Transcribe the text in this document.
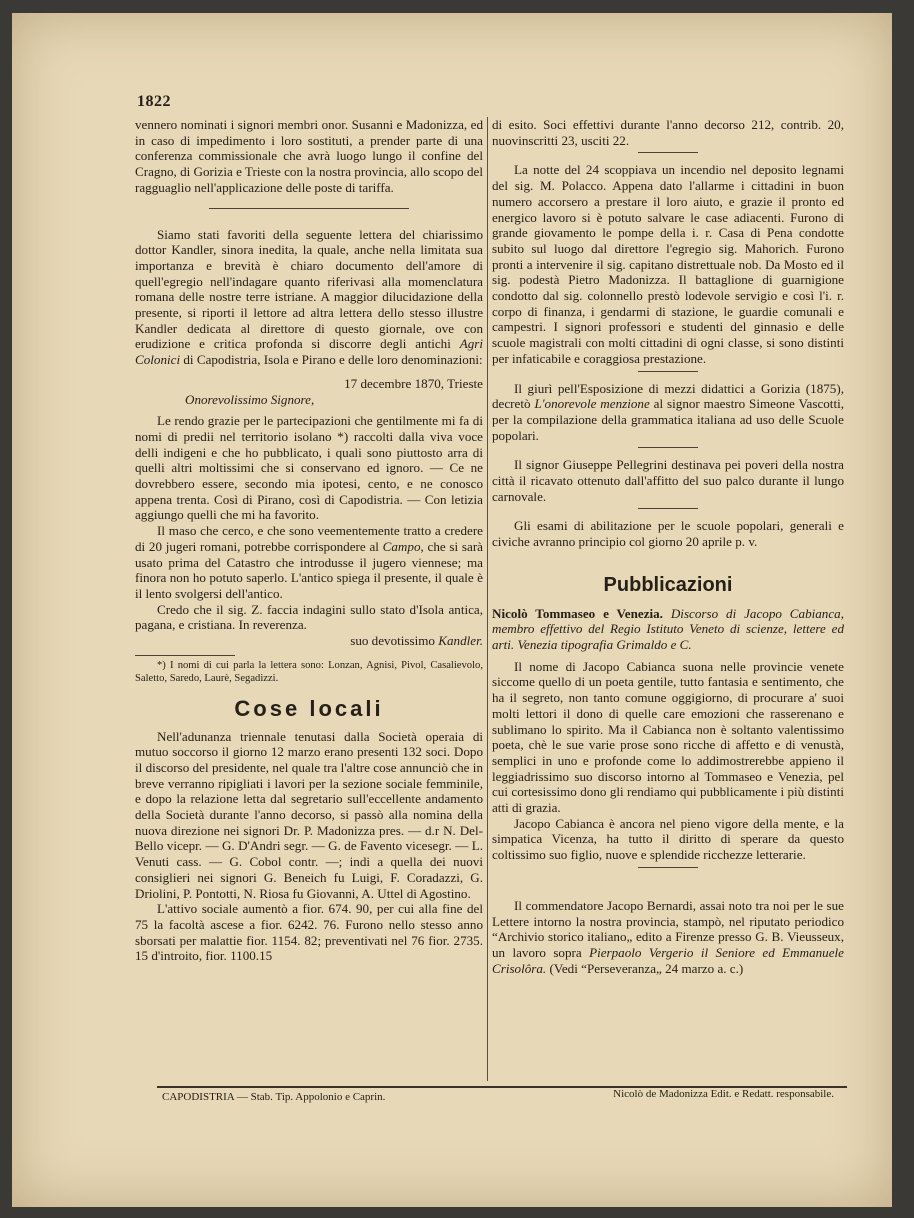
1822

vennero nominati i signori membri onor. Susanni e Madonizza, ed in caso di impedimento i loro sostituti, a prender parte di una conferenza commissionale che avrà luogo lungo il confine del Cragno, di Gorizia e Trieste con la nostra provincia, allo scopo del ragguaglio nell'applicazione delle poste di tariffa.

Siamo stati favoriti della seguente lettera del chiarissimo dottor Kandler, sinora inedita, la quale, anche nella limitata sua importanza e brevità è chiaro documento dell'amore di quell'egregio nell'indagare quanto riferivasi alla momenclatura romana delle nostre terre istriane. A maggior dilucidazione della presente, si riporti il lettore ad altra lettera dello stesso illustre Kandler dedicata al direttore di questo giornale, ove con erudizione e critica profonda si discorre degli antichi Agri Colonici di Capodistria, Isola e Pirano e delle loro denominazioni:

17 decembre 1870, Trieste

Onorevolissimo Signore,

Le rendo grazie per le partecipazioni che gentilmente mi fa di nomi di predii nel territorio isolano *) raccolti dalla viva voce delli indigeni e che ho pubblicato, i quali sono piuttosto arra di quelli altri moltissimi che si conservano ed ignoro. — Ce ne dovrebbero essere, secondo mia ipotesi, cento, e ne conosco appena trenta. Così di Pirano, così di Capodistria. — Con letizia aggiungo quelli che mi ha favorito.

Il maso che cerco, e che sono veementemente tratto a credere di 20 jugeri romani, potrebbe corrispondere al Campo, che si sarà usato prima del Catastro che introdusse il jugero viennese; ma finora non ho potuto saperlo. L'antico spiega il presente, il quale è il lento svolgersi dell'antico.

Credo che il sig. Z. faccia indagini sullo stato d'Isola antica, pagana, e cristiana. In reverenza.

suo devotissimo Kandler.

*) I nomi di cui parla la lettera sono: Lonzan, Agnisi, Pivol, Casalievolo, Saletto, Saredo, Laurè, Segadizzi.

Cose locali

Nell'adunanza triennale tenutasi dalla Società operaia di mutuo soccorso il giorno 12 marzo erano presenti 132 soci. Dopo il discorso del presidente, nel quale tra l'altre cose annunciò che in breve verranno ripigliati i lavori per la sezione sociale femminile, e dopo la relazione letta dal segretario sull'eccellente andamento della Società durante l'anno decorso, si passò alla nomina della nuova direzione nei signori Dr. P. Madonizza pres. — d.r N. Del-Bello vicepr. — G. D'Andri segr. — G. de Favento vicesegr. — L. Venuti cass. — G. Cobol contr. —; indi a quella dei nuovi consiglieri nei signori G. Beneich fu Luigi, F. Coradazzi, G. Driolini, P. Pontotti, N. Riosa fu Giovanni, A. Uttel di Agostino.

L'attivo sociale aumentò a fior. 674. 90, per cui alla fine del 75 la facoltà ascese a fior. 6242. 76. Furono nello stesso anno sborsati per malattie fior. 1154. 82; preventivati nel 76 fior. 2735. 15 d'introito, fior. 1100.15

di esito. Soci effettivi durante l'anno decorso 212, contrib. 20, nuovinscritti 23, usciti 22.

La notte del 24 scoppiava un incendio nel deposito legnami del sig. M. Polacco. Appena dato l'allarme i cittadini in buon numero accorsero a prestare il loro aiuto, e grazie il pronto ed energico lavoro si è potuto salvare le case adiacenti. Furono di grande giovamento le pompe della i. r. Casa di Pena condotte subito sul luogo dal direttore l'egregio sig. Mahorich. Furono pronti a intervenire il sig. capitano distrettuale nob. Da Mosto ed il sig. podestà Pietro Madonizza. Il battaglione di guarnigione condotto dal sig. colonnello prestò lodevole servigio e così l'i. r. corpo di finanza, i gendarmi di stazione, le guardie comunali e campestri. I signori professori e studenti del ginnasio e delle scuole magistrali con molti cittadini di ogni classe, si sono distinti per infaticabile e coraggiosa prestazione.

Il giurì pell'Esposizione di mezzi didattici a Gorizia (1875), decretò L'onorevole menzione al signor maestro Simeone Vascotti, per la compilazione della grammatica italiana ad uso delle Scuole popolari.

Il signor Giuseppe Pellegrini destinava pei poveri della nostra città il ricavato ottenuto dall'affitto del suo palco durante il lungo carnovale.

Gli esami di abilitazione per le scuole popolari, generali e civiche avranno principio col giorno 20 aprile p. v.

Pubblicazioni

Nicolò Tommaseo e Venezia. Discorso di Jacopo Cabianca, membro effettivo del Regio Istituto Veneto di scienze, lettere ed arti. Venezia tipografia Grimaldo e C.

Il nome di Jacopo Cabianca suona nelle provincie venete siccome quello di un poeta gentile, tutto fantasia e sentimento, che ha il segreto, non tanto comune oggigiorno, di procurare a' suoi molti lettori il dono di quelle care emozioni che rasserenano e sublimano lo spirito. Ma il Cabianca non è soltanto valentissimo poeta, chè le sue varie prose sono ricche di affetto e di venustà, semplici in uno e profonde come lo addimostrerebbe appieno il leggiadrissimo suo discorso intorno al Tommaseo e Venezia, pel cui cortesissimo dono gli rendiamo qui pubblicamente i più distinti atti di grazia.

Jacopo Cabianca è ancora nel pieno vigore della mente, e la simpatica Vicenza, ha tutto il diritto di sperare da questo coltissimo suo figlio, nuove e splendide ricchezze letterarie.

Il commendatore Jacopo Bernardi, assai noto tra noi per le sue Lettere intorno la nostra provincia, stampò, nel riputato periodico “Archivio storico italiano„ edito a Firenze presso G. B. Vieusseux, un lavoro sopra Pierpaolo Vergerio il Seniore ed Emmanuele Crisolôra. (Vedi “Perseveranza„ 24 marzo a. c.)

CAPODISTRIA — Stab. Tip. Appolonio e Caprin.	Nicolò de Madonizza Edit. e Redatt. responsabile.
